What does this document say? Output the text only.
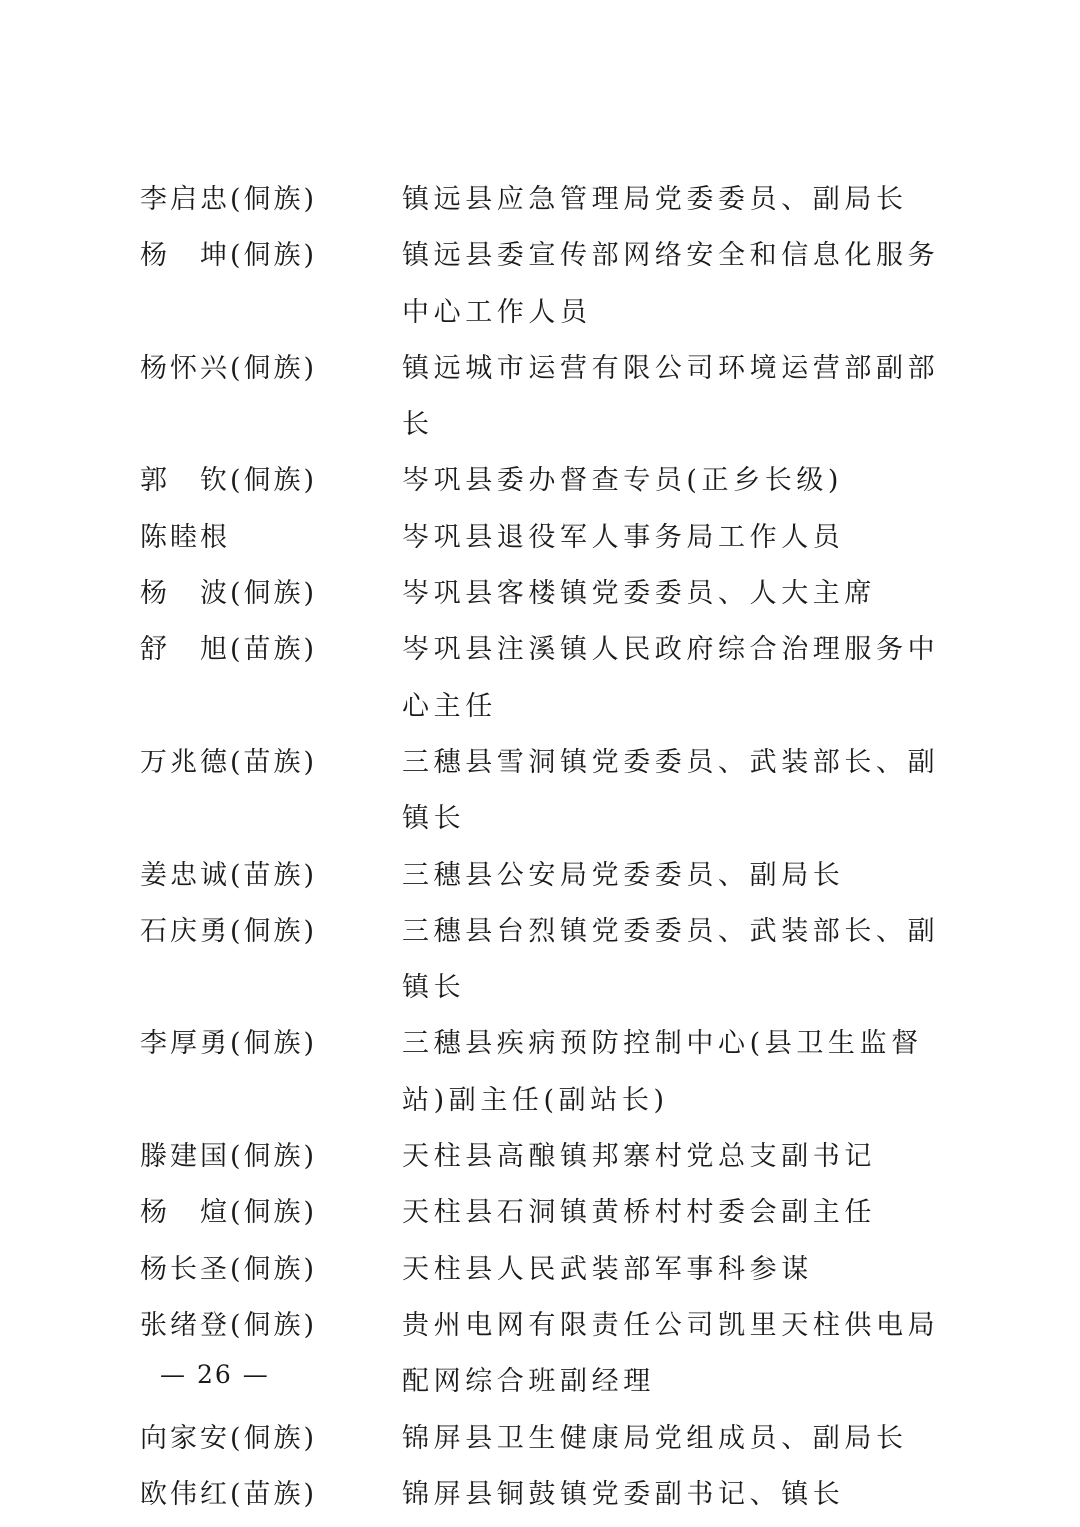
李启忠(侗族)	镇远县应急管理局党委委员、副局长
杨　坤(侗族)	镇远县委宣传部网络安全和信息化服务中心工作人员
杨怀兴(侗族)	镇远城市运营有限公司环境运营部副部长
郭　钦(侗族)	岑巩县委办督查专员(正乡长级)
陈睦根	岑巩县退役军人事务局工作人员
杨　波(侗族)	岑巩县客楼镇党委委员、人大主席
舒　旭(苗族)	岑巩县注溪镇人民政府综合治理服务中心主任
万兆德(苗族)	三穗县雪洞镇党委委员、武装部长、副镇长
姜忠诚(苗族)	三穗县公安局党委委员、副局长
石庆勇(侗族)	三穗县台烈镇党委委员、武装部长、副镇长
李厚勇(侗族)	三穗县疾病预防控制中心(县卫生监督站)副主任(副站长)
滕建国(侗族)	天柱县高酿镇邦寨村党总支副书记
杨　煊(侗族)	天柱县石洞镇黄桥村村委会副主任
杨长圣(侗族)	天柱县人民武装部军事科参谋
张绪登(侗族)	贵州电网有限责任公司凯里天柱供电局配网综合班副经理
向家安(侗族)	锦屏县卫生健康局党组成员、副局长
欧伟红(苗族)	锦屏县铜鼓镇党委副书记、镇长
— 26 —
